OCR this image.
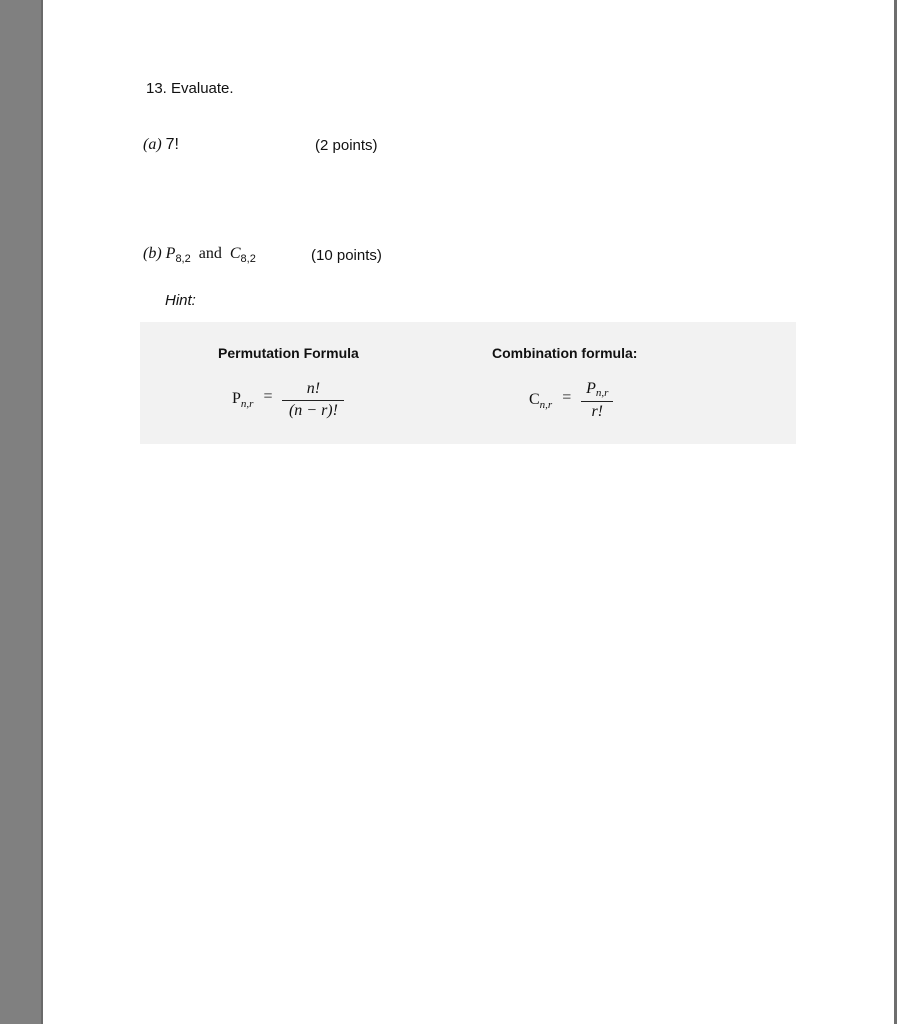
13. Evaluate.
(a) 7!	(2 points)
(b) $P_{8,2}$ and $C_{8,2}$	(10 points)
Hint:
Permutation Formula	Combination formula:
$P_{n,r} = \frac{n!}{(n - r)!}$	$C_{n,r} = \frac{P_{n,r}}{r!}$
